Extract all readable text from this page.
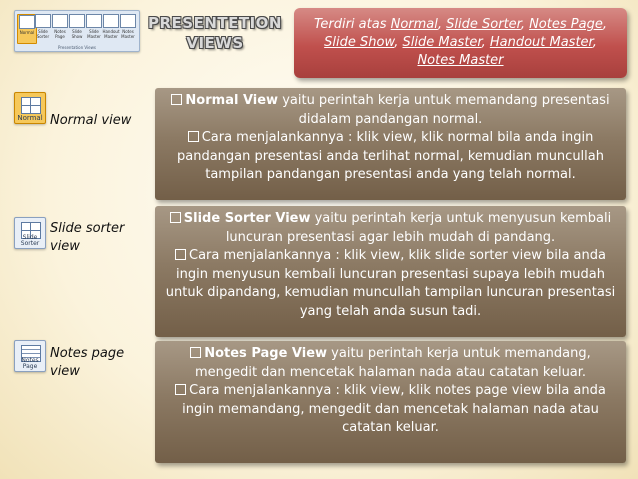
Normal Slide
Sorter
Notes
Page
Slide
Show
Slide
Master
Handout
Master
Notes
Master
Presentation Views
PRESENTETION VIEWS
Terdiri atas Normal, Slide Sorter, Notes Page, Slide Show, Slide Master, Handout Master, Notes Master
Normal Normal view

Normal View yaitu perintah kerja untuk memandang presentasi didalam pandangan normal.

Cara menjalankannya : klik view, klik normal bila anda ingin pandangan presentasi anda terlihat normal, kemudian muncullah tampilan pandangan presentasi anda yang telah normal.

Slide Sorter
Slide sorter view

Slide Sorter View yaitu perintah kerja untuk menyusun kembali luncuran presentasi agar lebih mudah di pandang.

Cara menjalankannya : klik view, klik slide sorter view bila anda ingin menyusun kembali luncuran presentasi supaya lebih mudah untuk dipandang, kemudian muncullah tampilan luncuran presentasi yang telah anda susun tadi.

Notes Page
Notes page view

Notes Page View yaitu perintah kerja untuk memandang, mengedit dan mencetak halaman nada atau catatan keluar.

Cara menjalankannya : klik view, klik notes page view bila anda ingin memandang, mengedit dan mencetak halaman nada atau catatan keluar.
